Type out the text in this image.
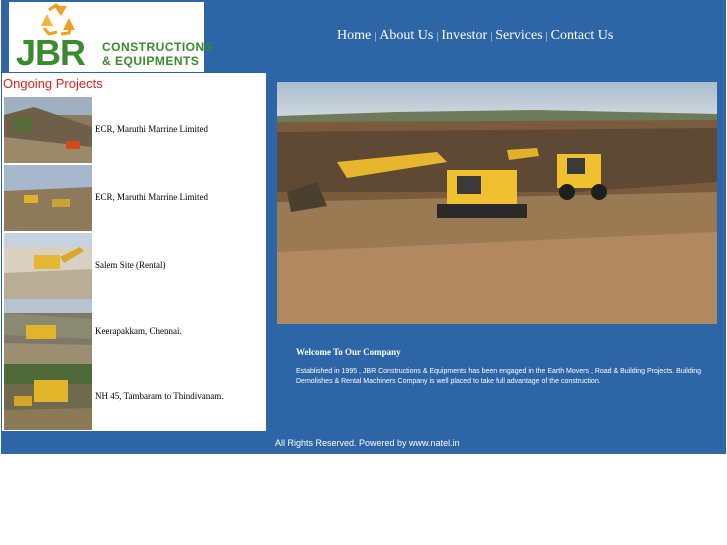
JBR CONSTRUCTIONS
& EQUIPMENTS
Home | About Us | Investor | Services | Contact Us
Ongoing Projects
ECR, Maruthi Marrine Limited
ECR, Maruthi Marrine Limited
Salem Site (Rental)
Keerapakkam, Chennai.
NH 45, Tambaram to Thindivanam.
Welcome To Our Company
Established in 1995 , JBR Constructions & Equipments has been engaged in the Earth Movers , Road & Building Projects. Building Demolishes & Rental Machiners Company is well placed to take full advantage of the construction.
All Rights Reserved. Powered by www.natel.in
